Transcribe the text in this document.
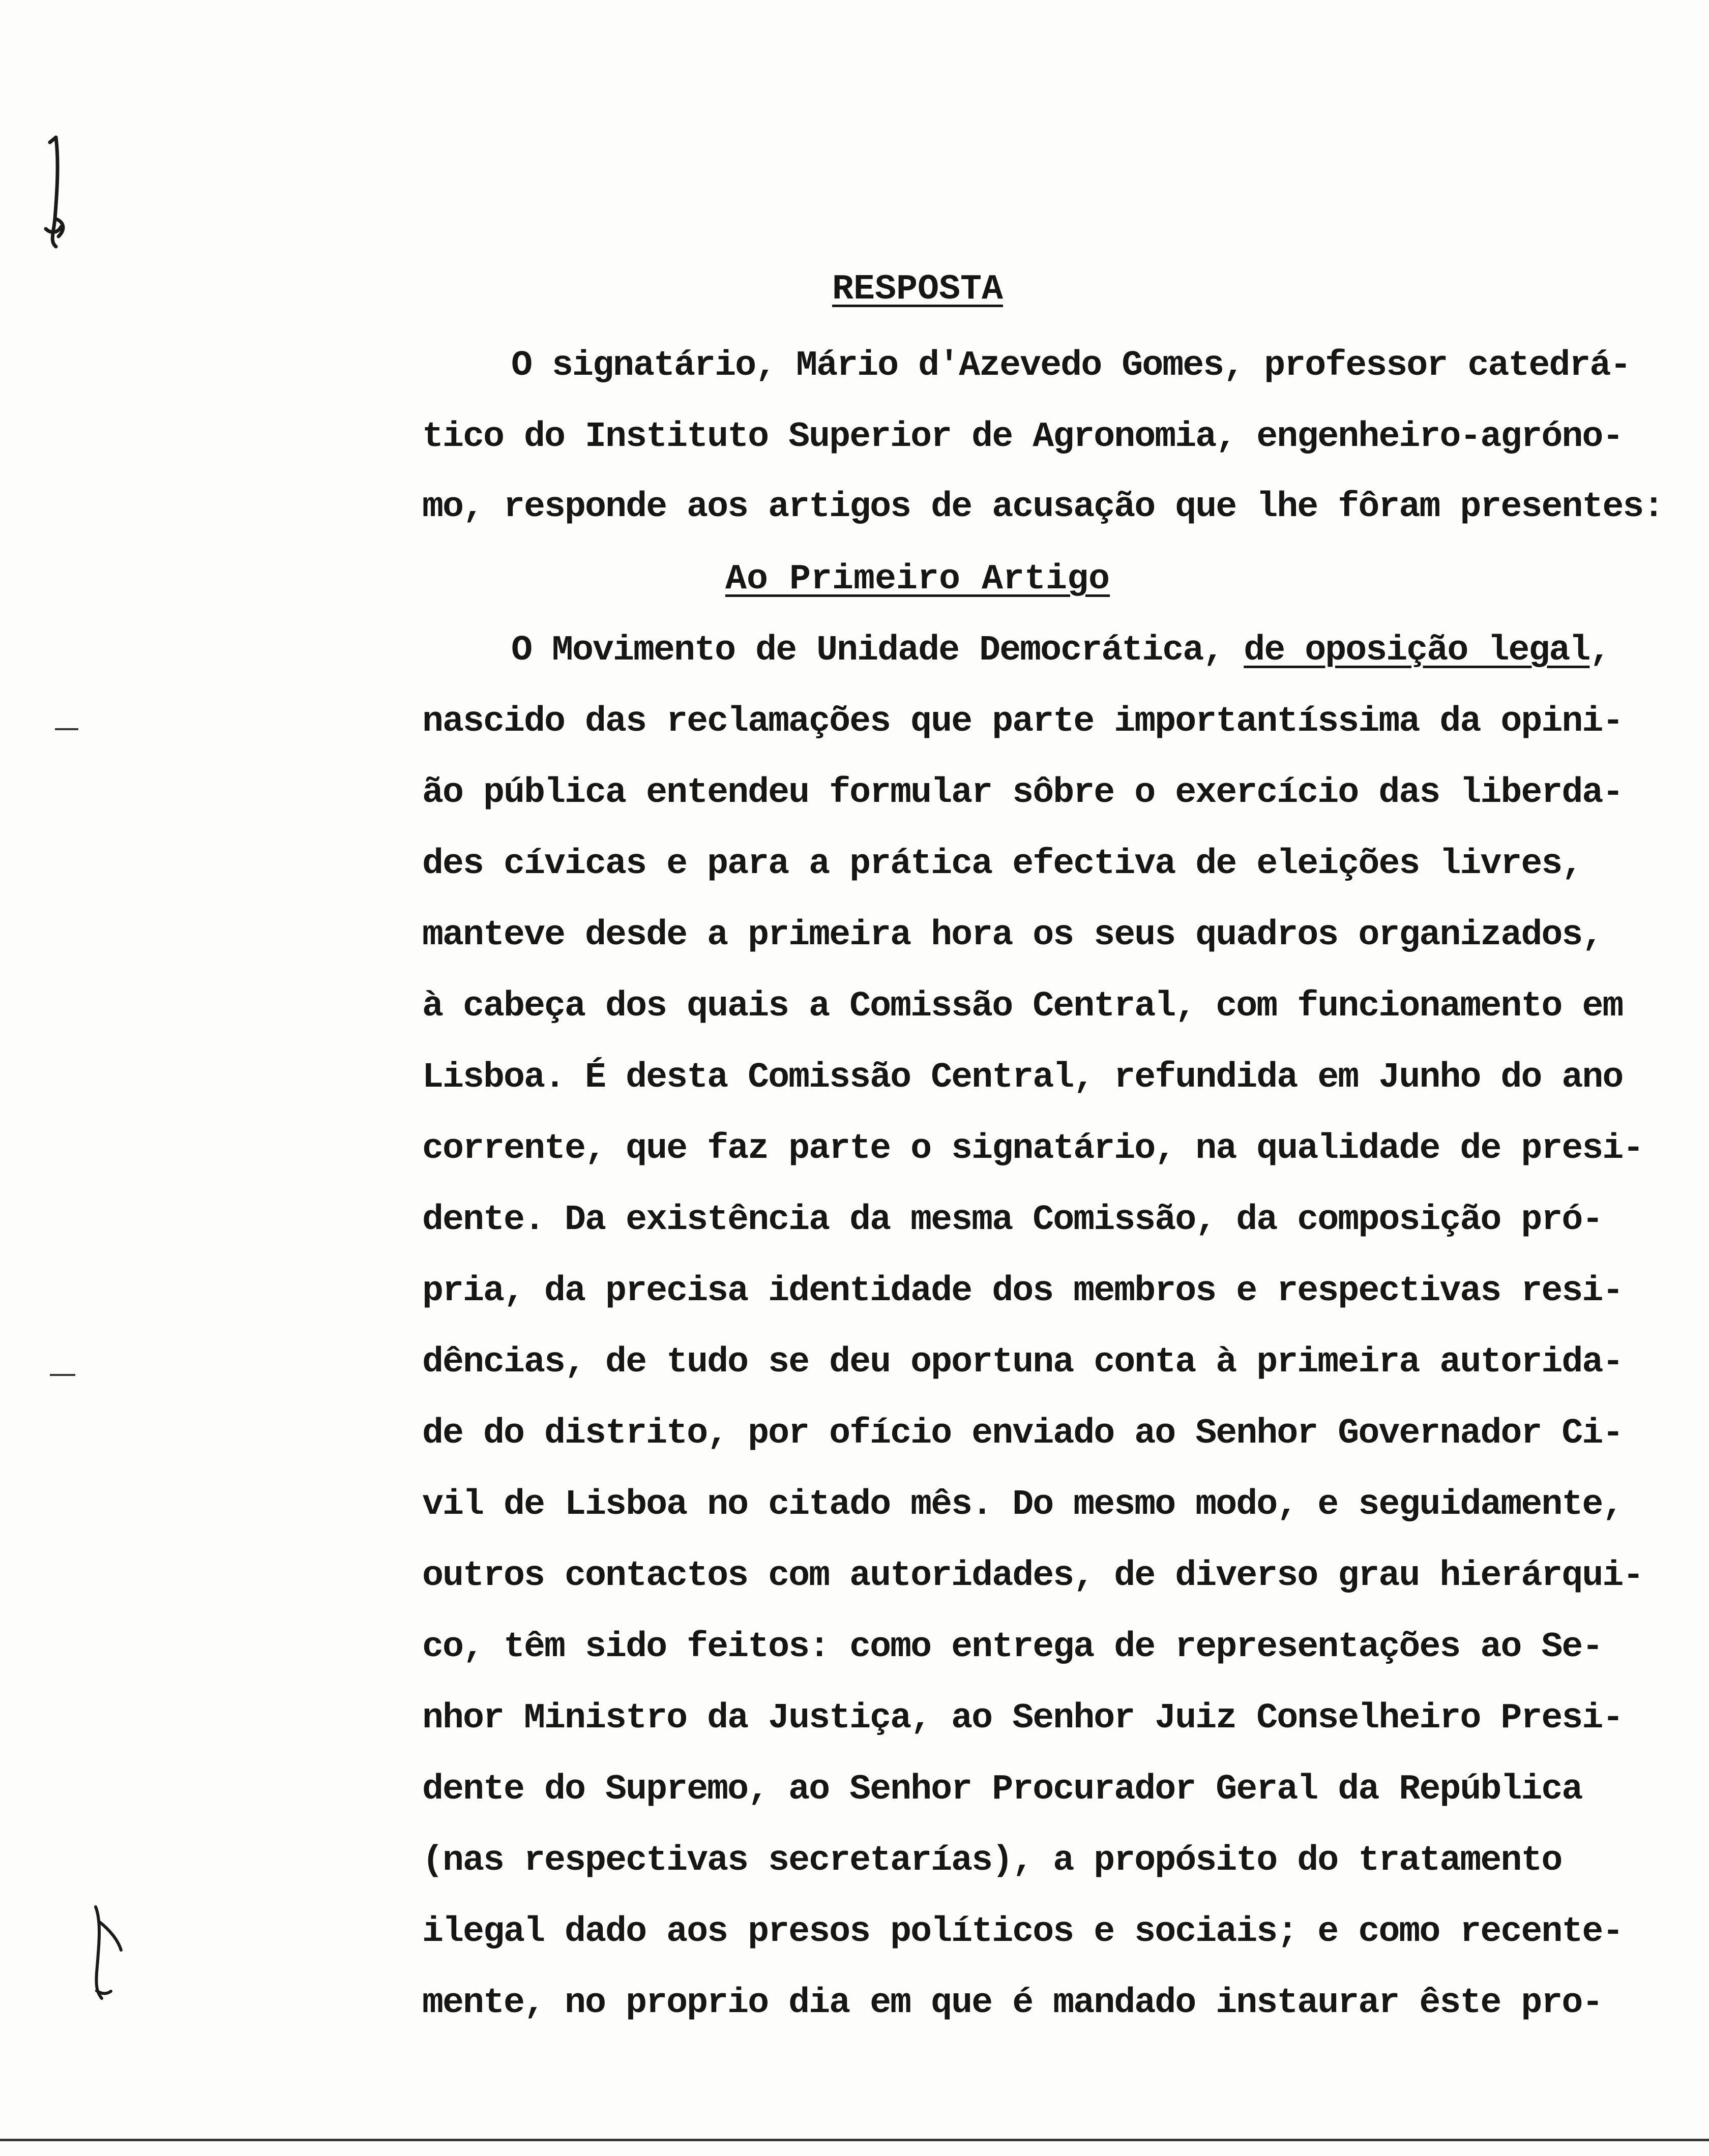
RESPOSTA
O signatário, Mário d'Azevedo Gomes, professor catedrá-
tico do Instituto Superior de Agronomia, engenheiro-agróno-
mo, responde aos artigos de acusação que lhe fôram presentes:
Ao Primeiro Artigo
O Movimento de Unidade Democrática, de oposição legal,
nascido das reclamações que parte importantíssima da opini-
ão pública entendeu formular sôbre o exercício das liberda-
des cívicas e para a prática efectiva de eleições livres,
manteve desde a primeira hora os seus quadros organizados,
à cabeça dos quais a Comissão Central, com funcionamento em
Lisboa. É desta Comissão Central, refundida em Junho do ano
corrente, que faz parte o signatário, na qualidade de presi-
dente. Da existência da mesma Comissão, da composição pró-
pria, da precisa identidade dos membros e respectivas resi-
dências, de tudo se deu oportuna conta à primeira autorida-
de do distrito, por ofício enviado ao Senhor Governador Ci-
vil de Lisboa no citado mês. Do mesmo modo, e seguidamente,
outros contactos com autoridades, de diverso grau hierárqui-
co, têm sido feitos: como entrega de representações ao Se-
nhor Ministro da Justiça, ao Senhor Juiz Conselheiro Presi-
dente do Supremo, ao Senhor Procurador Geral da República
(nas respectivas secretarías), a propósito do tratamento
ilegal dado aos presos políticos e sociais; e como recente-
mente, no proprio dia em que é mandado instaurar êste pro-
